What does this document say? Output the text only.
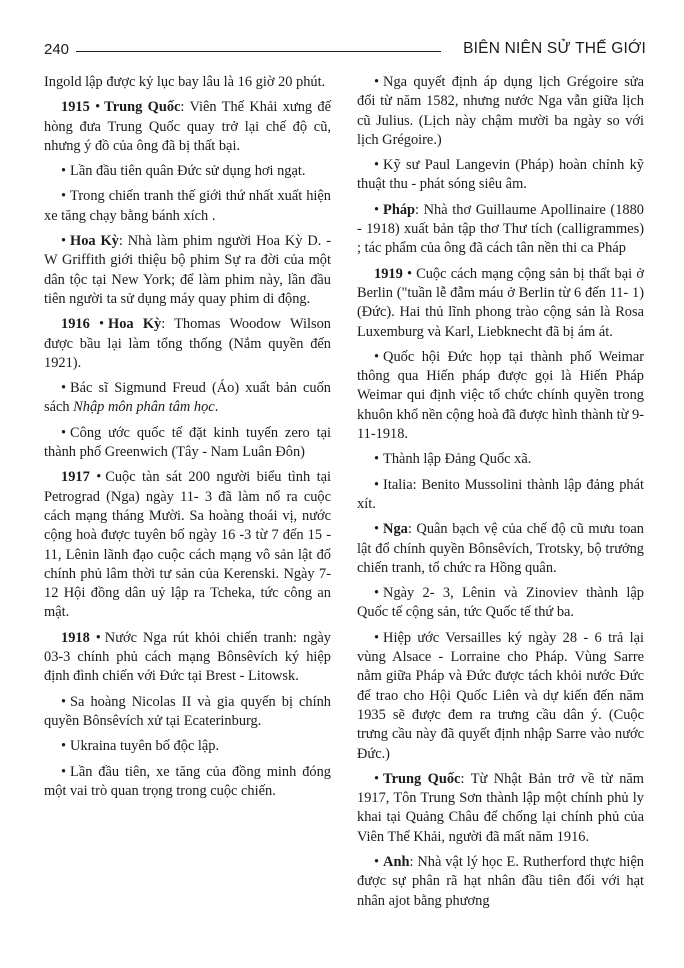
240	BIÊN NIÊN SỬ THẾ GIỚI

Ingold lập được kỷ lục bay lâu là 16 giờ 20 phút.

1915 • Trung Quốc: Viên Thế Khải xưng đế hòng đưa Trung Quốc quay trở lại chế độ cũ, nhưng ý đồ của ông đã bị thất bại.

• Lần đầu tiên quân Đức sử dụng hơi ngạt.

• Trong chiến tranh thế giới thứ nhất xuất hiện xe tăng chạy bằng bánh xích .

• Hoa Kỳ: Nhà làm phim người Hoa Kỳ D. - W Griffith giới thiệu bộ phim Sự ra đời của một dân tộc tại New York; để làm phim này, lần đầu tiên người ta sử dụng máy quay phim di động.

1916 • Hoa Kỳ: Thomas Woodow Wilson được bầu lại làm tổng thống (Nắm quyền đến 1921).

• Bác sĩ Sigmund Freud (Áo) xuất bản cuốn sách Nhập môn phân tâm học.

• Công ước quốc tế đặt kinh tuyến zero tại thành phố Greenwich (Tây - Nam Luân Đôn)

1917 • Cuộc tàn sát 200 người biểu tình tại Petrograd (Nga) ngày 11- 3 đã làm nổ ra cuộc cách mạng tháng Mười. Sa hoàng thoái vị, nước cộng hoà được tuyên bố ngày 16 -3 từ 7 đến 15 - 11, Lênin lãnh đạo cuộc cách mạng vô sản lật đổ chính phủ lâm thời tư sản của Kerenski. Ngày 7-12 Hội đồng dân uỷ lập ra Tcheka, tức công an mật.

1918 • Nước Nga rút khỏi chiến tranh: ngày 03-3 chính phủ cách mạng Bônsêvích ký hiệp định đình chiến với Đức tại Brest - Litowsk.

• Sa hoàng Nicolas II và gia quyến bị chính quyền Bônsêvích xử tại Ecaterinburg.

• Ukraina tuyên bố độc lập.

• Lần đầu tiên, xe tăng của đồng minh đóng một vai trò quan trọng trong cuộc chiến.

• Nga quyết định áp dụng lịch Grégoire sửa đổi từ năm 1582, nhưng nước Nga vẫn giữa lịch cũ Julius. (Lịch này chậm mười ba ngày so với lịch Grégoire.)

• Kỹ sư Paul Langevin (Pháp) hoàn chỉnh kỹ thuật thu - phát sóng siêu âm.

• Pháp: Nhà thơ Guillaume Apollinaire (1880 - 1918) xuất bản tập thơ Thư tích (calligrammes) ; tác phẩm của ông đã cách tân nền thi ca Pháp

1919 • Cuộc cách mạng cộng sản bị thất bại ở Berlin ("tuần lễ đẫm máu ở Berlin từ 6 đến 11- 1) (Đức). Hai thủ lĩnh phong trào cộng sản là Rosa Luxemburg và Karl, Liebknecht đã bị ám át.

• Quốc hội Đức họp tại thành phố Weimar thông qua Hiến pháp được gọi là Hiến Pháp Weimar qui định việc tổ chức chính quyền trong khuôn khổ nền cộng hoà đã được hình thành từ 9-11-1918.

• Thành lập Đảng Quốc xã.

• Italia: Benito Mussolini thành lập đảng phát xít.

• Nga: Quân bạch vệ của chế độ cũ mưu toan lật đổ chính quyền Bônsêvích, Trotsky, bộ trưởng chiến tranh, tổ chức ra Hồng quân.

• Ngày 2- 3, Lênin và Zinoviev thành lập Quốc tế cộng sản, tức Quốc tế thứ ba.

• Hiệp ước Versailles ký ngày 28 - 6 trả lại vùng Alsace - Lorraine cho Pháp. Vùng Sarre nằm giữa Pháp và Đức được tách khỏi nước Đức để trao cho Hội Quốc Liên và dự kiến đến năm 1935 sẽ được đem ra trưng cầu dân ý. (Cuộc trưng cầu này đã quyết định nhập Sarre vào nước Đức.)

• Trung Quốc: Từ Nhật Bản trở về từ năm 1917, Tôn Trung Sơn thành lập một chính phủ ly khai tại Quảng Châu để chống lại chính phủ của Viên Thế Khải, người đã mất năm 1916.

• Anh: Nhà vật lý học E. Rutherford thực hiện được sự phân rã hạt nhân đầu tiên đối với hạt nhân ajot bằng phương
